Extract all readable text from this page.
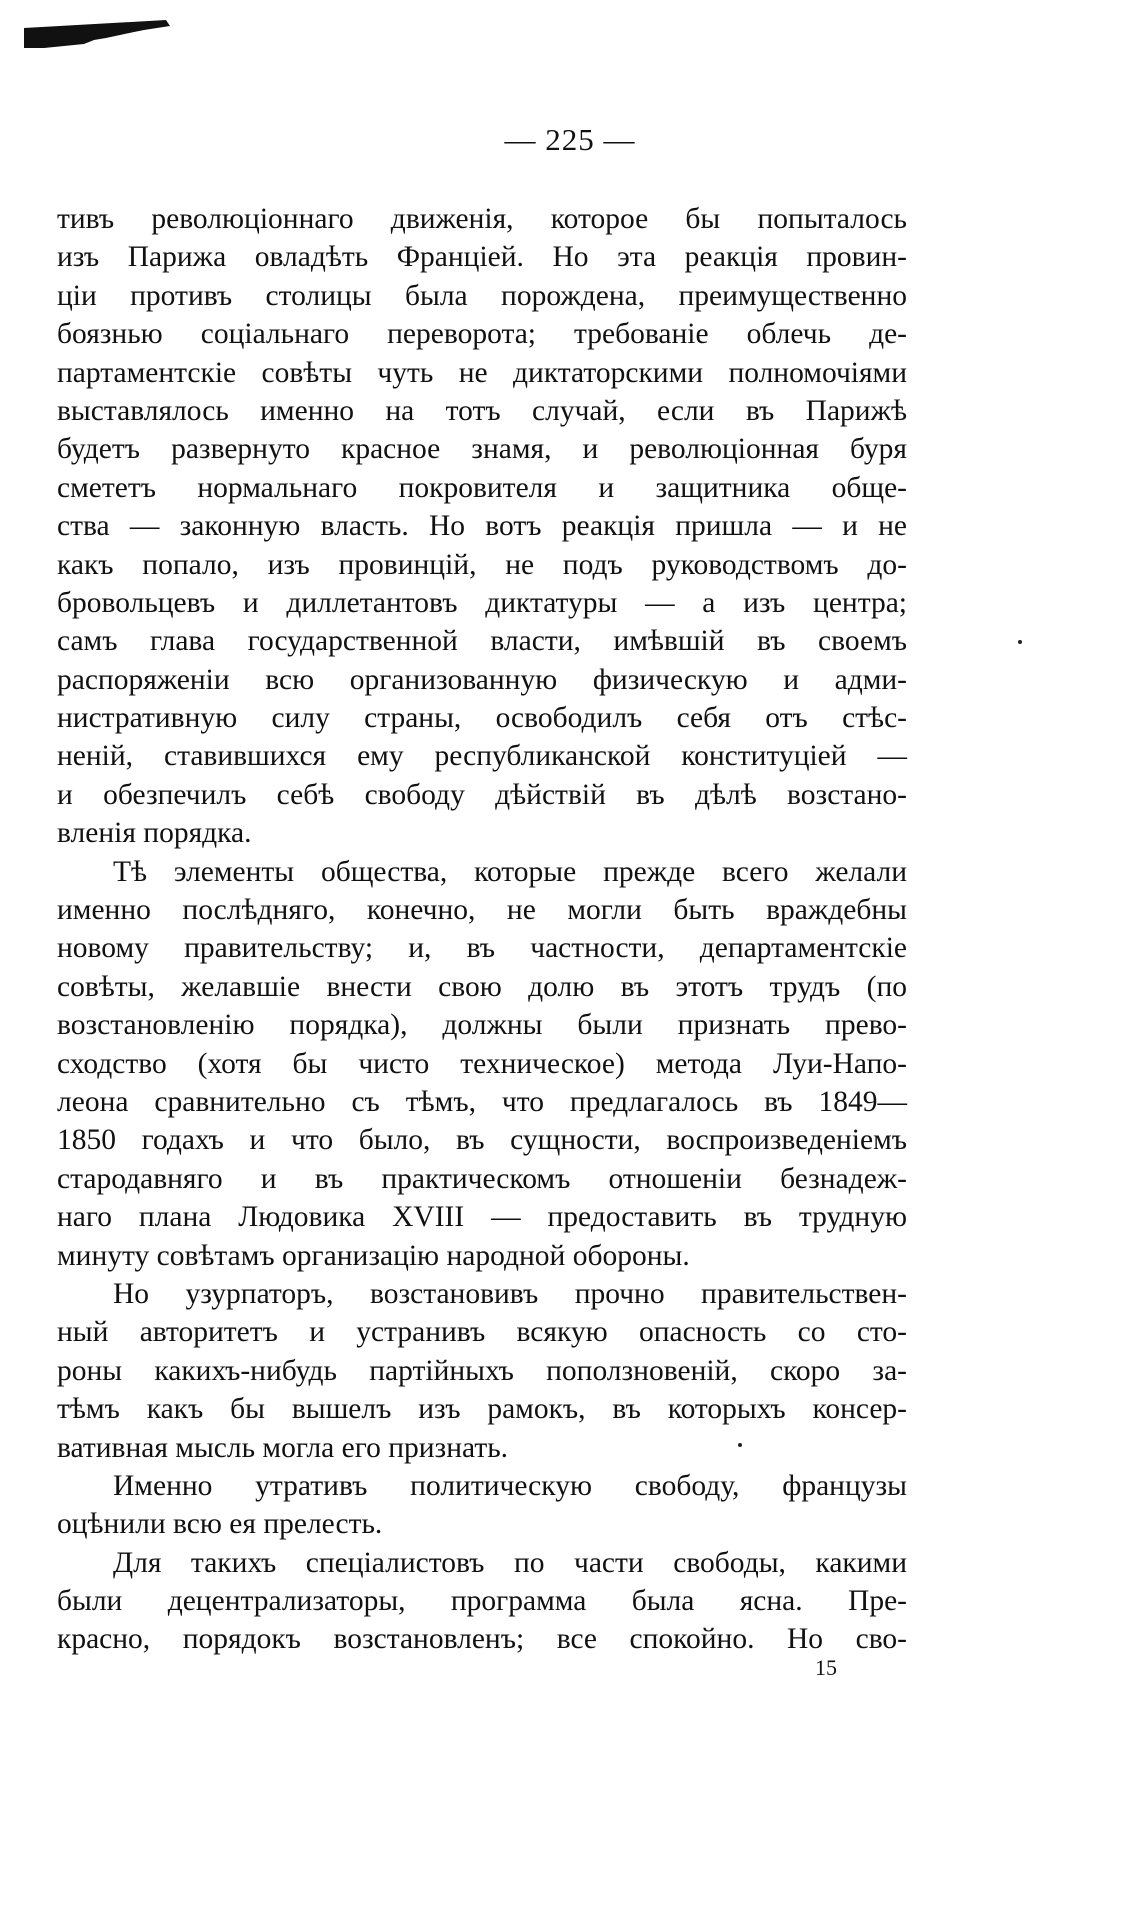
— 225 —
тивъ революціоннаго движенія, которое бы попыталось
изъ Парижа овладѣть Франціей. Но эта реакція провин-
ціи противъ столицы была порождена, преимущественно
боязнью соціальнаго переворота; требованіе облечь де-
партаментскіе совѣты чуть не диктаторскими полномочіями
выставлялось именно на тотъ случай, если въ Парижѣ
будетъ развернуто красное знамя, и революціонная буря
смететъ нормальнаго покровителя и защитника обще-
ства — законную власть. Но вотъ реакція пришла — и не
какъ попало, изъ провинцій, не подъ руководствомъ до-
бровольцевъ и диллетантовъ диктатуры — а изъ центра;
самъ глава государственной власти, имѣвшій въ своемъ
распоряженіи всю организованную физическую и адми-
нистративную силу страны, освободилъ себя отъ стѣс-
неній, ставившихся ему республиканской конституціей —
и обезпечилъ себѣ свободу дѣйствій въ дѣлѣ возстано-
вленія порядка.
Тѣ элементы общества, которые прежде всего желали
именно послѣдняго, конечно, не могли быть враждебны
новому правительству; и, въ частности, департаментскіе
совѣты, желавшіе внести свою долю въ этотъ трудъ (по
возстановленію порядка), должны были признать прево-
сходство (хотя бы чисто техническое) метода Луи-Напо-
леона сравнительно съ тѣмъ, что предлагалось въ 1849—
1850 годахъ и что было, въ сущности, воспроизведеніемъ
стародавняго и въ практическомъ отношеніи безнадеж-
наго плана Людовика XVIII — предоставить въ трудную
минуту совѣтамъ организацію народной обороны.
Но узурпаторъ, возстановивъ прочно правительствен-
ный авторитетъ и устранивъ всякую опасность со сто-
роны какихъ-нибудь партійныхъ поползновеній, скоро за-
тѣмъ какъ бы вышелъ изъ рамокъ, въ которыхъ консер-
вативная мысль могла его признать.
Именно утративъ политическую свободу, французы
оцѣнили всю ея прелесть.
Для такихъ спеціалистовъ по части свободы, какими
были децентрализаторы, программа была ясна. Пре-
красно, порядокъ возстановленъ; все спокойно. Но сво-
15
